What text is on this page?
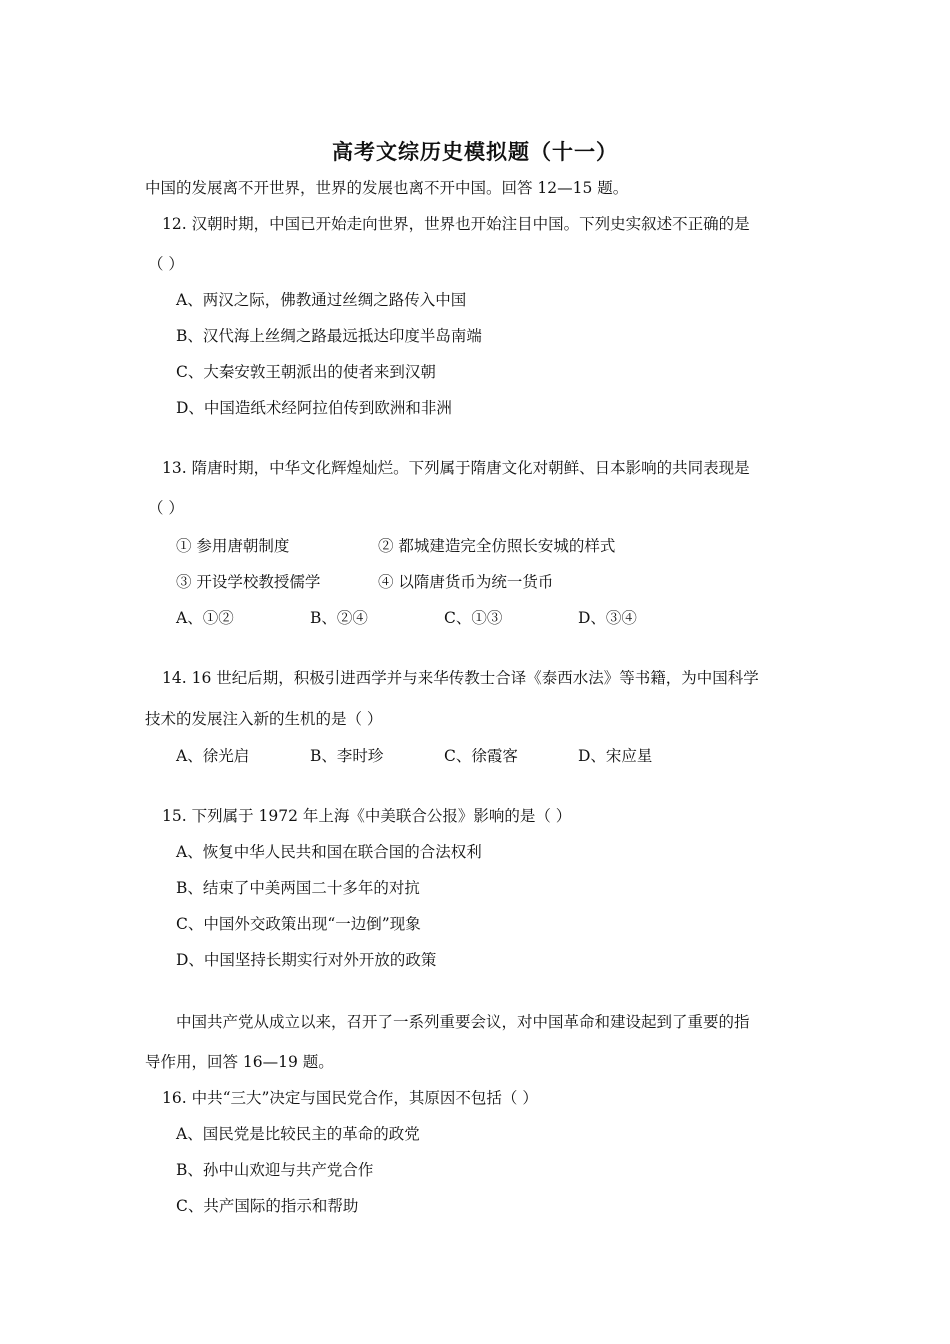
高考文综历史模拟题（十一）
中国的发展离不开世界，世界的发展也离不开中国。回答 12—15 题。
12. 汉朝时期，中国已开始走向世界，世界也开始注目中国。下列史实叙述不正确的是
（ ）
A、两汉之际，佛教通过丝绸之路传入中国
B、汉代海上丝绸之路最远抵达印度半岛南端
C、大秦安敦王朝派出的使者来到汉朝
D、中国造纸术经阿拉伯传到欧洲和非洲
13. 隋唐时期，中华文化辉煌灿烂。下列属于隋唐文化对朝鲜、日本影响的共同表现是
（ ）
① 参用唐朝制度	② 都城建造完全仿照长安城的样式
③ 开设学校教授儒学	④ 以隋唐货币为统一货币
A、①②	B、②④	C、①③	D、③④
14. 16 世纪后期，积极引进西学并与来华传教士合译《泰西水法》等书籍，为中国科学
技术的发展注入新的生机的是（ ）
A、徐光启	B、李时珍	C、徐霞客	D、宋应星
15. 下列属于 1972 年上海《中美联合公报》影响的是（ ）
A、恢复中华人民共和国在联合国的合法权利
B、结束了中美两国二十多年的对抗
C、中国外交政策出现“一边倒”现象
D、中国坚持长期实行对外开放的政策
中国共产党从成立以来，召开了一系列重要会议，对中国革命和建设起到了重要的指
导作用，回答 16—19 题。
16. 中共“三大”决定与国民党合作，其原因不包括（ ）
A、国民党是比较民主的革命的政党
B、孙中山欢迎与共产党合作
C、共产国际的指示和帮助
